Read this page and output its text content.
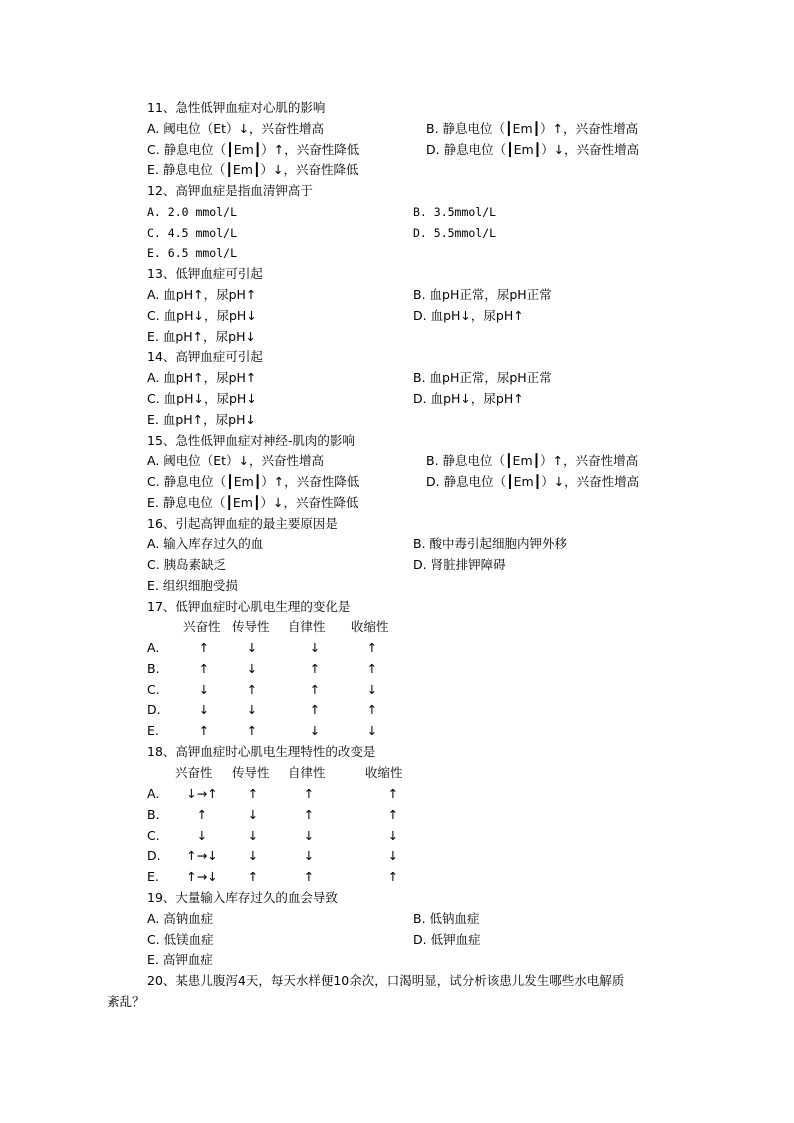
11、急性低钾血症对心肌的影响
A. 阈电位（Et）↓，兴奋性增高	B. 静息电位（┃Em┃）↑，兴奋性增高
C. 静息电位（┃Em┃）↑，兴奋性降低	D. 静息电位（┃Em┃）↓，兴奋性增高
E. 静息电位（┃Em┃）↓，兴奋性降低
12、高钾血症是指血清钾高于
A. 2.0 mmol/L	B. 3.5mmol/L
C. 4.5 mmol/L	D. 5.5mmol/L
E. 6.5 mmol/L
13、低钾血症可引起
A. 血pH↑，尿pH↑	B. 血pH正常，尿pH正常
C. 血pH↓，尿pH↓	D. 血pH↓，尿pH↑
E. 血pH↑，尿pH↓
14、高钾血症可引起
A. 血pH↑，尿pH↑	B. 血pH正常，尿pH正常
C. 血pH↓，尿pH↓	D. 血pH↓，尿pH↑
E. 血pH↑，尿pH↓
15、急性低钾血症对神经-肌肉的影响
A. 阈电位（Et）↓，兴奋性增高	B. 静息电位（┃Em┃）↑，兴奋性增高
C. 静息电位（┃Em┃）↑，兴奋性降低	D. 静息电位（┃Em┃）↓，兴奋性增高
E. 静息电位（┃Em┃）↓，兴奋性降低
16、引起高钾血症的最主要原因是
A. 输入库存过久的血	B. 酸中毒引起细胞内钾外移
C. 胰岛素缺乏	D. 肾脏排钾障碍
E. 组织细胞受损
17、低钾血症时心肌电生理的变化是
兴奋性 传导性 自律性 收缩性
A.	↑	↓	↓	↑
B.	↑	↓	↑	↑
C.	↓	↑	↑	↓
D.	↓	↓	↑	↑
E.	↑	↑	↓	↓
18、高钾血症时心肌电生理特性的改变是
兴奋性 传导性 自律性	收缩性
A. ↓→↑ ↑	↑	↑
B.	↑	↓	↑	↑
C.	↓	↓	↓	↓
D. ↑→↓ ↓	↓	↓
E. ↑→↓ ↑	↑	↑
19、大量输入库存过久的血会导致
A. 高钠血症	B. 低钠血症
C. 低镁血症	D. 低钾血症
E. 高钾血症
20、某患儿腹泻4天，每天水样便10余次，口渴明显，试分析该患儿发生哪些水电解质
紊乱？
